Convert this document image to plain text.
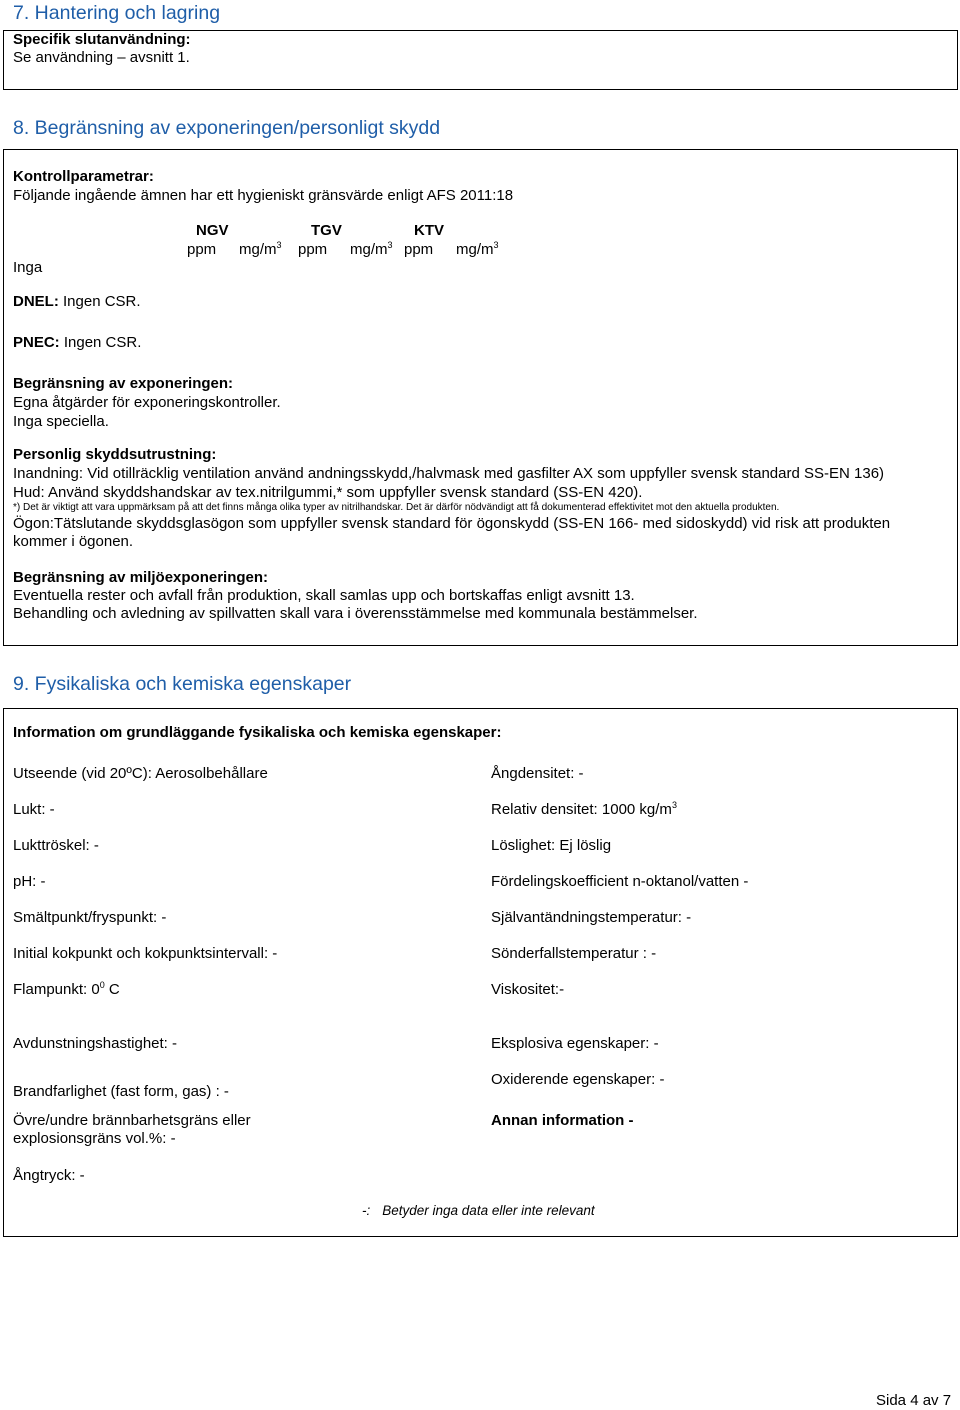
7. Hantering och lagring
Specifik slutanvändning:
Se användning – avsnitt 1.
8. Begränsning av exponeringen/personligt skydd
Kontrollparametrar:
Följande ingående ämnen har ett hygieniskt gränsvärde enligt AFS 2011:18
NGV	TGV	KTV
ppm $mg/m^3$ ppm $mg/m^3$ ppm $mg/m^3$
Inga
DNEL: Ingen CSR.
PNEC: Ingen CSR.
Begränsning av exponeringen:
Egna åtgärder för exponeringskontroller.
Inga speciella.
Personlig skyddsutrustning:
Inandning: Vid otillräcklig ventilation använd andningsskydd,/halvmask med gasfilter AX som uppfyller svensk standard SS-EN 136)
Hud: Använd skyddshandskar av tex.nitrilgummi,* som uppfyller svensk standard (SS-EN 420).
*) Det är viktigt att vara uppmärksam på att det finns många olika typer av nitrilhandskar. Det är därför nödvändigt att få dokumenterad effektivitet mot den aktuella produkten.
Ögon:Tätslutande skyddsglasögon som uppfyller svensk standard för ögonskydd (SS-EN 166- med sidoskydd) vid risk att produkten
kommer i ögonen.
Begränsning av miljöexponeringen:
Eventuella rester och avfall från produktion, skall samlas upp och bortskaffas enligt avsnitt 13.
Behandling och avledning av spillvatten skall vara i överensstämmelse med kommunala bestämmelser.
9. Fysikaliska och kemiska egenskaper
Information om grundläggande fysikaliska och kemiska egenskaper:
Utseende (vid 20ºC): Aerosolbehållare
Lukt: -
Lukttröskel: -
pH: -
Smältpunkt/fryspunkt: -
Initial kokpunkt och kokpunktsintervall: -
Flampunkt: $0^0$ C
Avdunstningshastighet: -
Brandfarlighet (fast form, gas) : -
Övre/undre brännbarhetsgräns eller
explosionsgräns vol.%: -
Ångtryck: -
Ångdensitet: -
Relativ densitet: 1000 $kg/m^3$
Löslighet: Ej löslig
Fördelingskoefficient n-oktanol/vatten -
Självantändningstemperatur: -
Sönderfallstemperatur : -
Viskositet:-
Eksplosiva egenskaper: -
Oxiderende egenskaper: -
Annan information -
-: Betyder inga data eller inte relevant
Sida 4 av 7
